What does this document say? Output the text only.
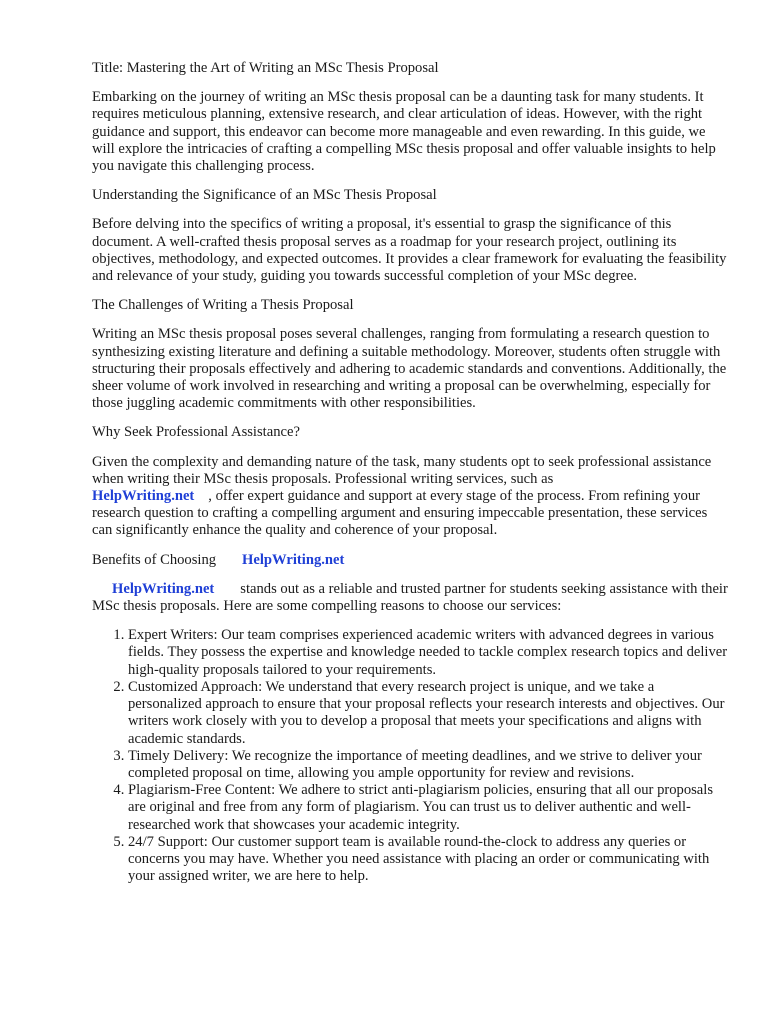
Title: Mastering the Art of Writing an MSc Thesis Proposal

Embarking on the journey of writing an MSc thesis proposal can be a daunting task for many students. It requires meticulous planning, extensive research, and clear articulation of ideas. However, with the right guidance and support, this endeavor can become more manageable and even rewarding. In this guide, we will explore the intricacies of crafting a compelling MSc thesis proposal and offer valuable insights to help you navigate this challenging process.

Understanding the Significance of an MSc Thesis Proposal

Before delving into the specifics of writing a proposal, it's essential to grasp the significance of this document. A well-crafted thesis proposal serves as a roadmap for your research project, outlining its objectives, methodology, and expected outcomes. It provides a clear framework for evaluating the feasibility and relevance of your study, guiding you towards successful completion of your MSc degree.

The Challenges of Writing a Thesis Proposal

Writing an MSc thesis proposal poses several challenges, ranging from formulating a research question to synthesizing existing literature and defining a suitable methodology. Moreover, students often struggle with structuring their proposals effectively and adhering to academic standards and conventions. Additionally, the sheer volume of work involved in researching and writing a proposal can be overwhelming, especially for those juggling academic commitments with other responsibilities.

Why Seek Professional Assistance?

Given the complexity and demanding nature of the task, many students opt to seek professional assistance when writing their MSc thesis proposals. Professional writing services, such as
HelpWriting.net , offer expert guidance and support at every stage of the process. From refining your research question to crafting a compelling argument and ensuring impeccable presentation, these services can significantly enhance the quality and coherence of your proposal.

Benefits of Choosing HelpWriting.net

HelpWriting.net stands out as a reliable and trusted partner for students seeking assistance with their MSc thesis proposals. Here are some compelling reasons to choose our services:

1. Expert Writers: Our team comprises experienced academic writers with advanced degrees in various fields. They possess the expertise and knowledge needed to tackle complex research topics and deliver high-quality proposals tailored to your requirements.
2. Customized Approach: We understand that every research project is unique, and we take a personalized approach to ensure that your proposal reflects your research interests and objectives. Our writers work closely with you to develop a proposal that meets your specifications and aligns with academic standards.
3. Timely Delivery: We recognize the importance of meeting deadlines, and we strive to deliver your completed proposal on time, allowing you ample opportunity for review and revisions.
4. Plagiarism-Free Content: We adhere to strict anti-plagiarism policies, ensuring that all our proposals are original and free from any form of plagiarism. You can trust us to deliver authentic and well-researched work that showcases your academic integrity.
5. 24/7 Support: Our customer support team is available round-the-clock to address any queries or concerns you may have. Whether you need assistance with placing an order or communicating with your assigned writer, we are here to help.
